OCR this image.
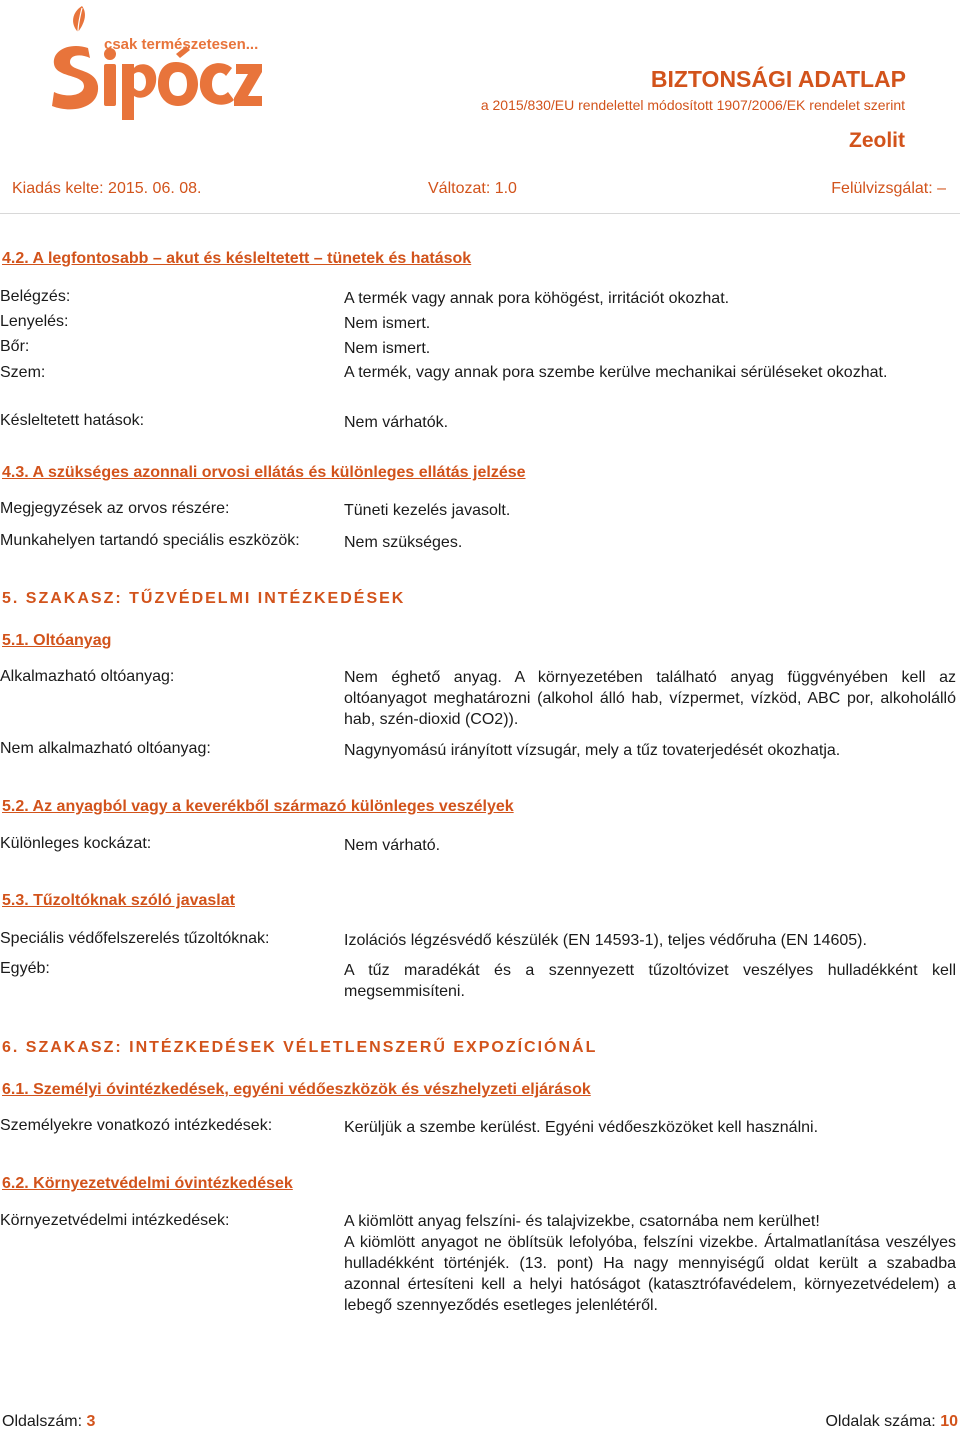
csak természetesen...
BIZTONSÁGI ADATLAP
a 2015/830/EU rendelettel módosított 1907/2006/EK rendelet szerint
Zeolit
Kiadás kelte: 2015. 06. 08.	Változat: 1.0	Felülvizsgálat: –
4.2. A legfontosabb – akut és késleltetett – tünetek és hatások
Belégzés:	A termék vagy annak pora köhögést, irritációt okozhat.
Lenyelés:	Nem ismert.
Bőr:	Nem ismert.
Szem:	A termék, vagy annak pora szembe kerülve mechanikai sérüléseket okozhat.
Késleltetett hatások:	Nem várhatók.
4.3. A szükséges azonnali orvosi ellátás és különleges ellátás jelzése
Megjegyzések az orvos részére:	Tüneti kezelés javasolt.
Munkahelyen tartandó speciális eszközök:	Nem szükséges.
5. SZAKASZ: TŰZVÉDELMI INTÉZKEDÉSEK
5.1. Oltóanyag
Alkalmazható oltóanyag:	Nem éghető anyag. A környezetében található anyag függvényében kell az oltóanyagot meghatározni (alkohol álló hab, vízpermet, vízköd, ABC por, alkoholálló hab, szén-dioxid (CO2)).
Nem alkalmazható oltóanyag:	Nagynyomású irányított vízsugár, mely a tűz tovaterjedését okozhatja.
5.2. Az anyagból vagy a keverékből származó különleges veszélyek
Különleges kockázat:	Nem várható.
5.3. Tűzoltóknak szóló javaslat
Speciális védőfelszerelés tűzoltóknak:	Izolációs légzésvédő készülék (EN 14593-1), teljes védőruha (EN 14605).
Egyéb:	A tűz maradékát és a szennyezett tűzoltóvizet veszélyes hulladékként kell megsemmisíteni.
6. SZAKASZ: INTÉZKEDÉSEK VÉLETLENSZERŰ EXPOZÍCIÓNÁL
6.1. Személyi óvintézkedések, egyéni védőeszközök és vészhelyzeti eljárások
Személyekre vonatkozó intézkedések:	Kerüljük a szembe kerülést. Egyéni védőeszközöket kell használni.
6.2. Környezetvédelmi óvintézkedések
Környezetvédelmi intézkedések:	A kiömlött anyag felszíni- és talajvizekbe, csatornába nem kerülhet!
A kiömlött anyagot ne öblítsük lefolyóba, felszíni vizekbe. Ártalmatlanítása veszélyes hulladékként történjék. (13. pont) Ha nagy mennyiségű oldat került a szabadba azonnal értesíteni kell a helyi hatóságot (katasztrófavédelem, környezetvédelem) a lebegő szennyeződés esetleges jelenlétéről.
Oldalszám: 3	Oldalak száma: 10
